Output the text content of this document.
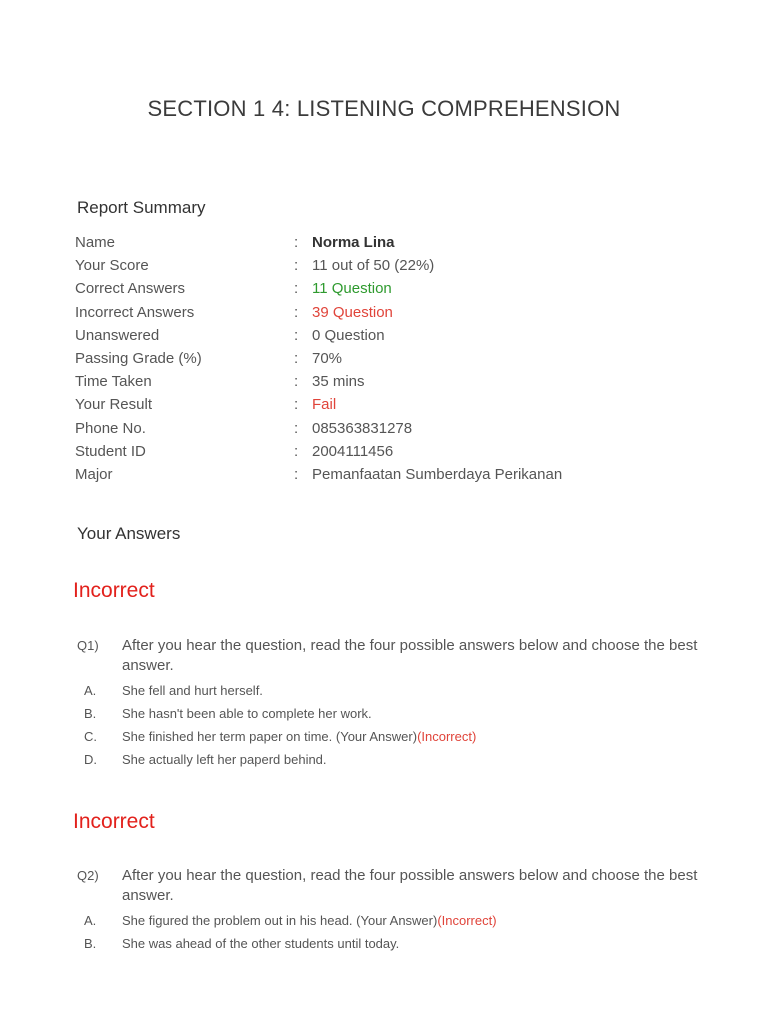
SECTION 1 4: LISTENING COMPREHENSION
Report Summary
Name	: Norma Lina
Your Score	: 11 out of 50 (22%)
Correct Answers	: 11 Question
Incorrect Answers	: 39 Question
Unanswered	: 0 Question
Passing Grade (%)	: 70%
Time Taken	: 35 mins
Your Result	: Fail
Phone No.	: 085363831278
Student ID	: 2004111456
Major	: Pemanfaatan Sumberdaya Perikanan
Your Answers
Incorrect
Q1) After you hear the question, read the four possible answers below and choose the best answer.
A. She fell and hurt herself.
B. She hasn't been able to complete her work.
C. She finished her term paper on time. (Your Answer)(Incorrect)
D. She actually left her paperd behind.
Incorrect
Q2) After you hear the question, read the four possible answers below and choose the best answer.
A. She figured the problem out in his head. (Your Answer)(Incorrect)
B. She was ahead of the other students until today.
